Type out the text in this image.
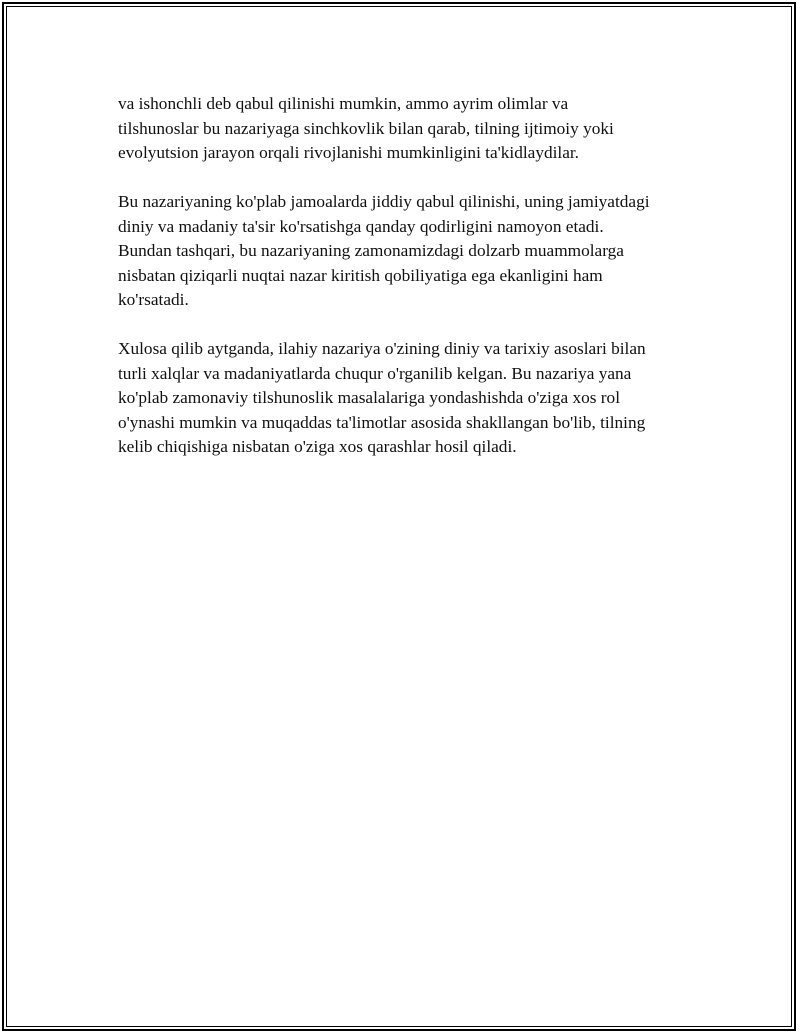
va ishonchli deb qabul qilinishi mumkin, ammo ayrim olimlar va
tilshunoslar bu nazariyaga sinchkovlik bilan qarab, tilning ijtimoiy yoki
evolyutsion jarayon orqali rivojlanishi mumkinligini ta'kidlaydilar.

Bu nazariyaning ko'plab jamoalarda jiddiy qabul qilinishi, uning jamiyatdagi
diniy va madaniy ta'sir ko'rsatishga qanday qodirligini namoyon etadi.
Bundan tashqari, bu nazariyaning zamonamizdagi dolzarb muammolarga
nisbatan qiziqarli nuqtai nazar kiritish qobiliyatiga ega ekanligini ham
ko'rsatadi.

Xulosa qilib aytganda, ilahiy nazariya o'zining diniy va tarixiy asoslari bilan
turli xalqlar va madaniyatlarda chuqur o'rganilib kelgan. Bu nazariya yana
ko'plab zamonaviy tilshunoslik masalalariga yondashishda o'ziga xos rol
o'ynashi mumkin va muqaddas ta'limotlar asosida shakllangan bo'lib, tilning
kelib chiqishiga nisbatan o'ziga xos qarashlar hosil qiladi.
